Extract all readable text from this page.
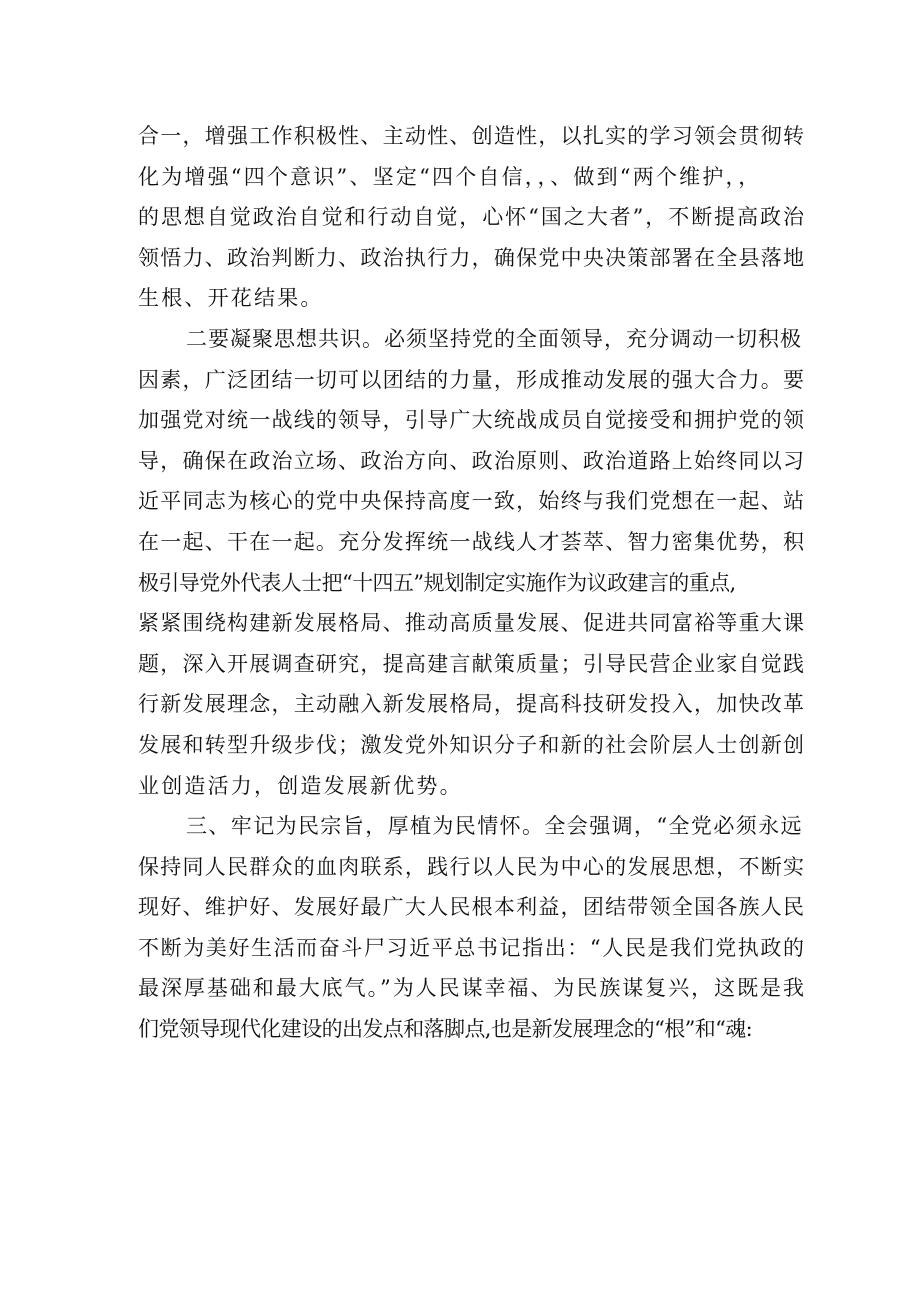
合一，增强工作积极性、主动性、创造性，以扎实的学习领会贯彻转
化为增强“四个意识”、坚定“四个自信，，、做到“两个维护，，
的思想自觉政治自觉和行动自觉，心怀“国之大者”，不断提高政治
领悟力、政治判断力、政治执行力，确保党中央决策部署在全县落地
生根、开花结果。
二要凝聚思想共识。必须坚持党的全面领导，充分调动一切积极
因素，广泛团结一切可以团结的力量，形成推动发展的强大合力。要
加强党对统一战线的领导，引导广大统战成员自觉接受和拥护党的领
导，确保在政治立场、政治方向、政治原则、政治道路上始终同以习
近平同志为核心的党中央保持高度一致，始终与我们党想在一起、站
在一起、干在一起。充分发挥统一战线人才荟萃、智力密集优势，积
极引导党外代表人士把“十四五”规划制定实施作为议政建言的重点,
紧紧围绕构建新发展格局、推动高质量发展、促进共同富裕等重大课
题，深入开展调查研究，提高建言献策质量；引导民营企业家自觉践
行新发展理念，主动融入新发展格局，提高科技研发投入，加快改革
发展和转型升级步伐；激发党外知识分子和新的社会阶层人士创新创
业创造活力，创造发展新优势。
三、牢记为民宗旨，厚植为民情怀。全会强调，“全党必须永远
保持同人民群众的血肉联系，践行以人民为中心的发展思想，不断实
现好、维护好、发展好最广大人民根本利益，团结带领全国各族人民
不断为美好生活而奋斗尸习近平总书记指出：“人民是我们党执政的
最深厚基础和最大底气。”为人民谋幸福、为民族谋复兴，这既是我
们党领导现代化建设的出发点和落脚点,也是新发展理念的“根”和“魂:
